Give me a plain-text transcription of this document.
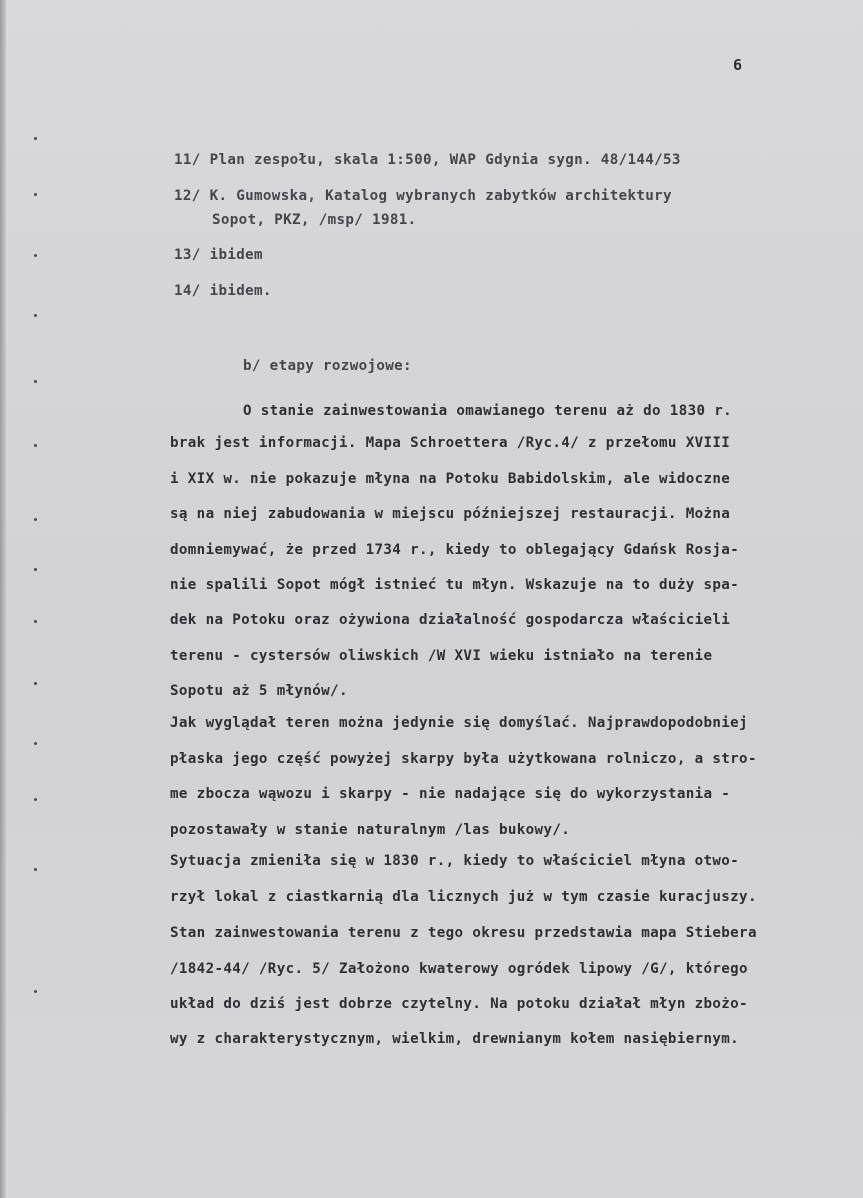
6
11/ Plan zespołu, skala 1:500, WAP Gdynia sygn. 48/144/53
12/ K. Gumowska, Katalog wybranych zabytków architektury
Sopot, PKZ, /msp/ 1981.
13/ ibidem
14/ ibidem.
b/ etapy rozwojowe:
O stanie zainwestowania omawianego terenu aż do 1830 r.
brak jest informacji. Mapa Schroettera /Ryc.4/ z przełomu XVIII
i XIX w. nie pokazuje młyna na Potoku Babidolskim, ale widoczne
są na niej zabudowania w miejscu późniejszej restauracji. Można
domniemywać, że przed 1734 r., kiedy to oblegający Gdańsk Rosja-
nie spalili Sopot mógł istnieć tu młyn. Wskazuje na to duży spa-
dek na Potoku oraz ożywiona działalność gospodarcza właścicieli
terenu - cystersów oliwskich /W XVI wieku istniało na terenie
Sopotu aż 5 młynów/.
Jak wyglądał teren można jedynie się domyślać. Najprawdopodobniej
płaska jego część powyżej skarpy była użytkowana rolniczo, a stro-
me zbocza wąwozu i skarpy - nie nadające się do wykorzystania -
pozostawały w stanie naturalnym /las bukowy/.
Sytuacja zmieniła się w 1830 r., kiedy to właściciel młyna otwo-
rzył lokal z ciastkarnią dla licznych już w tym czasie kuracjuszy.
Stan zainwestowania terenu z tego okresu przedstawia mapa Stiebera
/1842-44/ /Ryc. 5/ Założono kwaterowy ogródek lipowy /G/, którego
układ do dziś jest dobrze czytelny. Na potoku działał młyn zbożo-
wy z charakterystycznym, wielkim, drewnianym kołem nasiębiernym.
